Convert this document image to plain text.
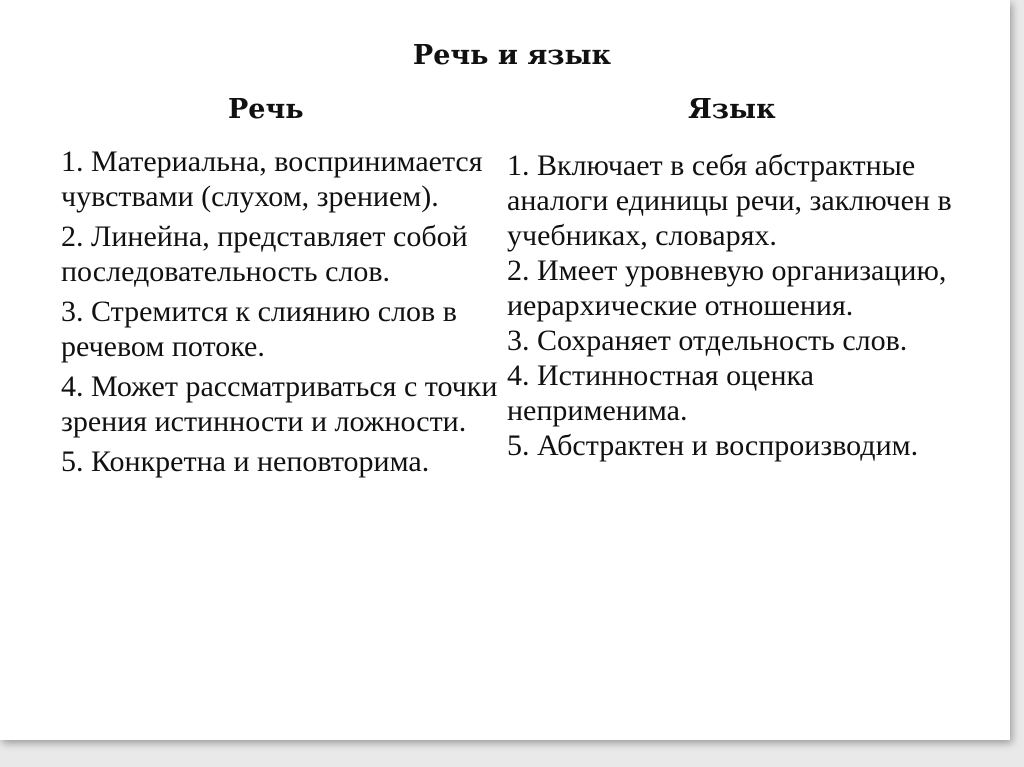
Речь и язык
Речь	Язык

1. Материальна, воспринимается чувствами (слухом, зрением).

2. Линейна, представляет собой последовательность слов.

3. Стремится к слиянию слов в речевом потоке.

4. Может рассматриваться с точки зрения истинности и ложности.

5. Конкретна и неповторима.

1. Включает в себя абстрактные аналоги единицы речи, заключен в учебниках, словарях.

2. Имеет уровневую организацию, иерархические отношения.

3. Сохраняет отдельность слов.

4. Истинностная оценка неприменима.

5. Абстрактен и воспроизводим.
